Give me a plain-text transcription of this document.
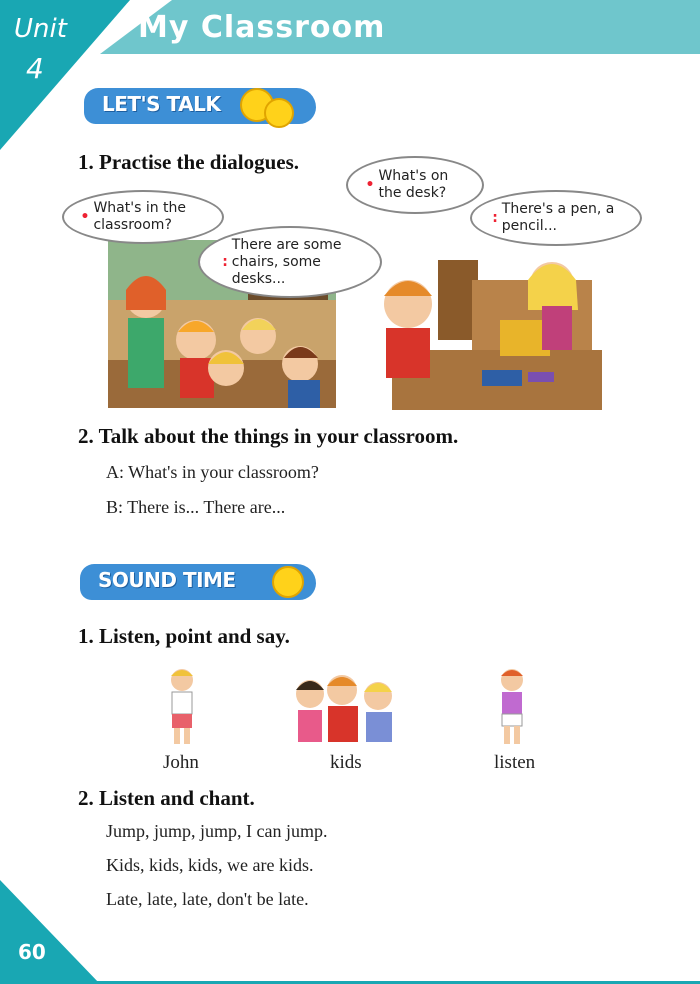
Unit
4
My Classroom
LET'S TALK
1. Practise the dialogues.
•
What's in the classroom?
:
There are some chairs, some desks...
•
What's on the desk?
:
There's a pen, a pencil...
2. Talk about the things in your classroom.
A: What's in your classroom?
B: There is... There are...
SOUND TIME
1. Listen, point and say.
John	kids	listen
2. Listen and chant.
Jump, jump, jump, I can jump.
Kids, kids, kids, we are kids.
Late, late, late, don't be late.
60
